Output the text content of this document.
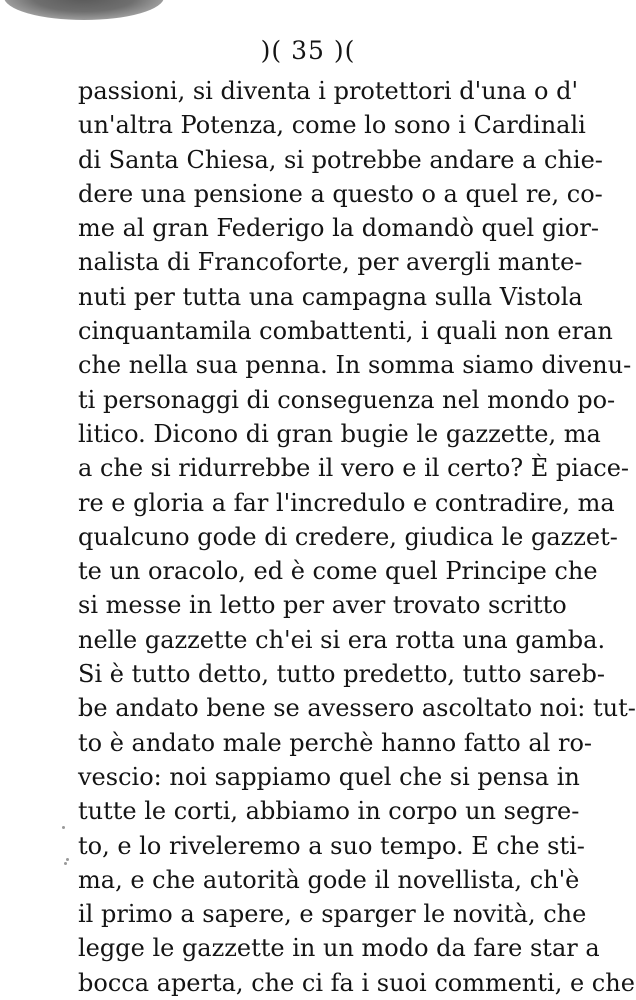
)( 35 )(
passioni, si diventa i protettori d'una o d'
un'altra Potenza, come lo sono i Cardinali
di Santa Chiesa, si potrebbe andare a chie-
dere una pensione a questo o a quel re, co-
me al gran Federigo la domandò quel gior-
nalista di Francoforte, per avergli mante-
nuti per tutta una campagna sulla Vistola
cinquantamila combattenti, i quali non eran
che nella sua penna. In somma siamo divenu-
ti personaggi di conseguenza nel mondo po-
litico. Dicono di gran bugie le gazzette, ma
a che si ridurrebbe il vero e il certo? È piace-
re e gloria a far l'incredulo e contradire, ma
qualcuno gode di credere, giudica le gazzet-
te un oracolo, ed è come quel Principe che
si messe in letto per aver trovato scritto
nelle gazzette ch'ei si era rotta una gamba.
Si è tutto detto, tutto predetto, tutto sareb-
be andato bene se avessero ascoltato noi: tut-
to è andato male perchè hanno fatto al ro-
vescio: noi sappiamo quel che si pensa in
tutte le corti, abbiamo in corpo un segre-
to, e lo riveleremo a suo tempo. E che sti-
ma, e che autorità gode il novellista, ch'è
il primo a sapere, e sparger le novità, che
legge le gazzette in un modo da fare star a
bocca aperta, che ci fa i suoi commenti, e che
